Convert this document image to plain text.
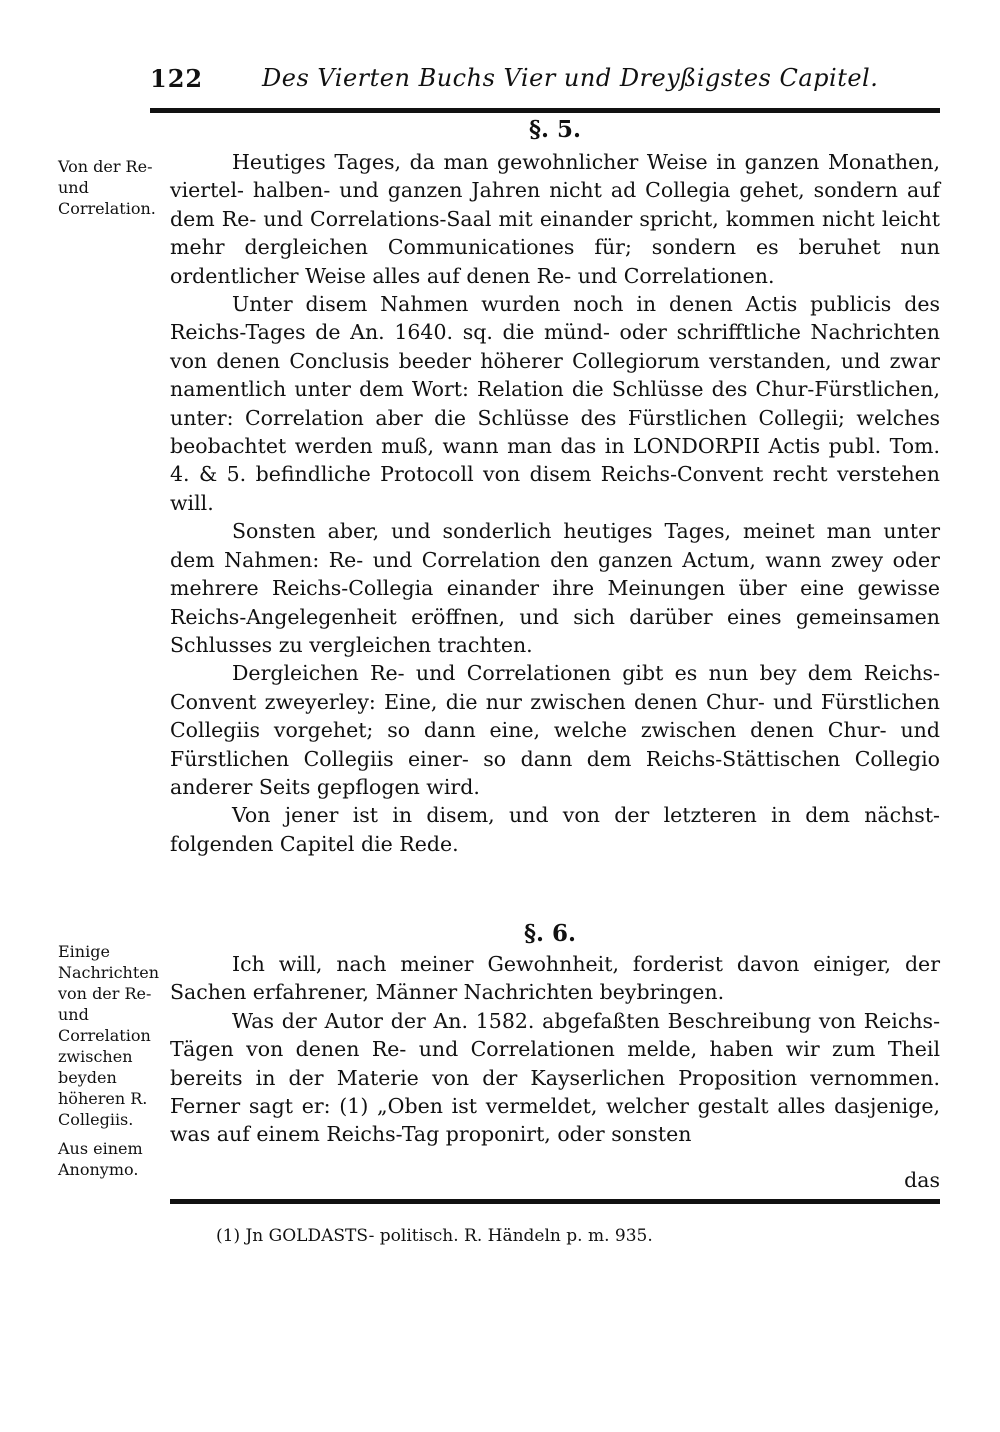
122 Des Vierten Buchs Vier und Dreyßigstes Capitel.
§. 5.
Von der Re- und Correlation.

Heutiges Tages, da man gewohnlicher Weise in ganzen Monathen, viertel- halben- und ganzen Jahren nicht ad Collegia gehet, sondern auf dem Re- und Correlations-Saal mit einander spricht, kommen nicht leicht mehr dergleichen Communicationes für; sondern es beruhet nun ordentlicher Weise alles auf denen Re- und Correlationen.

Unter disem Nahmen wurden noch in denen Actis publicis des Reichs-Tages de An. 1640. sq. die münd- oder schrifftliche Nachrichten von denen Conclusis beeder höherer Collegiorum verstanden, und zwar namentlich unter dem Wort: Relation die Schlüsse des Chur-Fürstlichen, unter: Correlation aber die Schlüsse des Fürstlichen Collegii; welches beobachtet werden muß, wann man das in LONDORPII Actis publ. Tom. 4. & 5. befindliche Protocoll von disem Reichs-Convent recht verstehen will.

Sonsten aber, und sonderlich heutiges Tages, meinet man unter dem Nahmen: Re- und Correlation den ganzen Actum, wann zwey oder mehrere Reichs-Collegia einander ihre Meinungen über eine gewisse Reichs-Angelegenheit eröffnen, und sich darüber eines gemeinsamen Schlusses zu vergleichen trachten.

Dergleichen Re- und Correlationen gibt es nun bey dem Reichs-Convent zweyerley: Eine, die nur zwischen denen Chur- und Fürstlichen Collegiis vorgehet; so dann eine, welche zwischen denen Chur- und Fürstlichen Collegiis einer- so dann dem Reichs-Stättischen Collegio anderer Seits gepflogen wird.

Von jener ist in disem, und von der letzteren in dem nächst-folgenden Capitel die Rede.

§. 6.
Einige Nachrichten von der Re- und Correlation zwischen beyden höheren R. Collegiis.
Aus einem Anonymo.

Ich will, nach meiner Gewohnheit, forderist davon einiger, der Sachen erfahrener, Männer Nachrichten beybringen.

Was der Autor der An. 1582. abgefaßten Beschreibung von Reichs-Tägen von denen Re- und Correlationen melde, haben wir zum Theil bereits in der Materie von der Kayserlichen Proposition vernommen. Ferner sagt er: (1) „Oben ist vermeldet, welcher gestalt alles dasjenige, was auf einem Reichs-Tag proponirt, oder sonsten

das
(1) Jn GOLDASTS- politisch. R. Händeln p. m. 935.
